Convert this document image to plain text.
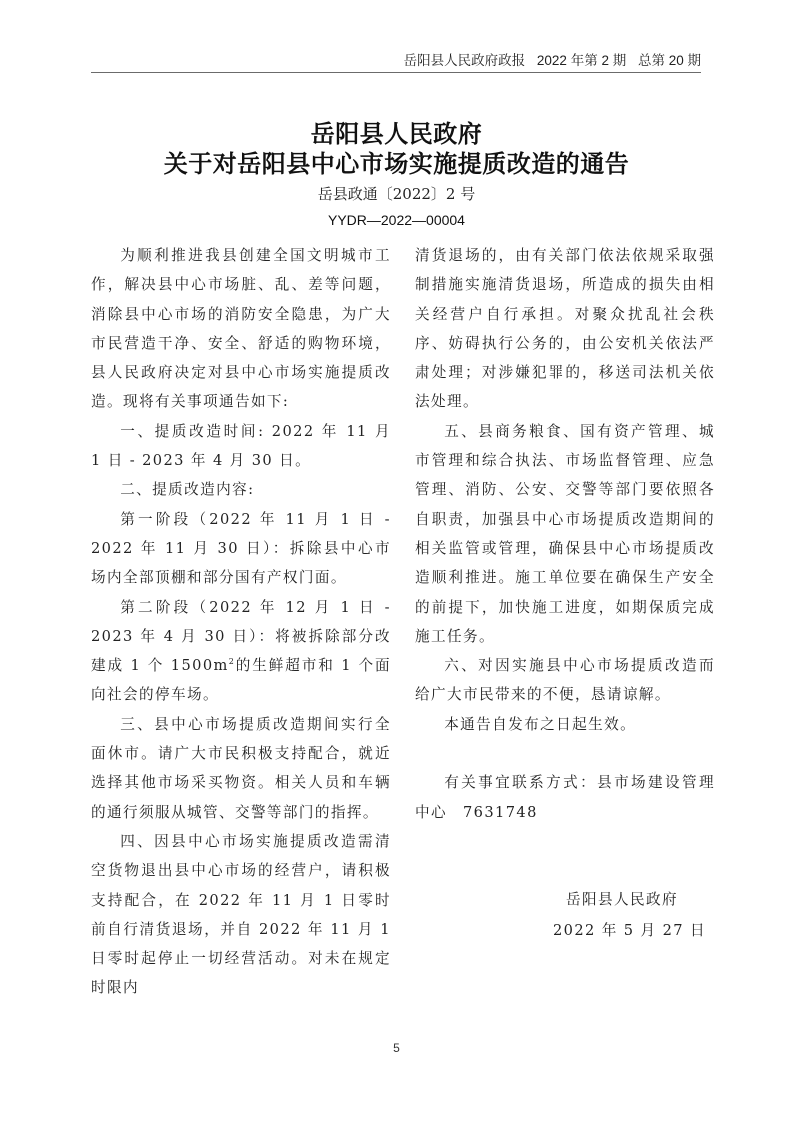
岳阳县人民政府政报 2022 年第 2 期 总第 20 期
岳阳县人民政府
关于对岳阳县中心市场实施提质改造的通告
岳县政通〔2022〕2 号
YYDR—2022—00004

为顺利推进我县创建全国文明城市工作，解决县中心市场脏、乱、差等问题，消除县中心市场的消防安全隐患，为广大市民营造干净、安全、舒适的购物环境，县人民政府决定对县中心市场实施提质改造。现将有关事项通告如下:

一、提质改造时间: 2022 年 11 月 1 日 - 2023 年 4 月 30 日。

二、提质改造内容:

第一阶段（2022 年 11 月 1 日 - 2022 年 11 月 30 日）：拆除县中心市场内全部顶棚和部分国有产权门面。

第二阶段（2022 年 12 月 1 日 - 2023 年 4 月 30 日）：将被拆除部分改建成 1 个 $1500m^2$的生鲜超市和 1 个面向社会的停车场。

三、县中心市场提质改造期间实行全面休市。请广大市民积极支持配合，就近选择其他市场采买物资。相关人员和车辆的通行须服从城管、交警等部门的指挥。

四、因县中心市场实施提质改造需清空货物退出县中心市场的经营户，请积极支持配合，在 2022 年 11 月 1 日零时前自行清货退场，并自 2022 年 11 月 1 日零时起停止一切经营活动。对未在规定时限内

清货退场的，由有关部门依法依规采取强制措施实施清货退场，所造成的损失由相关经营户自行承担。对聚众扰乱社会秩序、妨碍执行公务的，由公安机关依法严肃处理；对涉嫌犯罪的，移送司法机关依法处理。

五、县商务粮食、国有资产管理、城市管理和综合执法、市场监督管理、应急管理、消防、公安、交警等部门要依照各自职责，加强县中心市场提质改造期间的相关监管或管理，确保县中心市场提质改造顺利推进。施工单位要在确保生产安全的前提下，加快施工进度，如期保质完成施工任务。

六、对因实施县中心市场提质改造而给广大市民带来的不便，恳请谅解。

本通告自发布之日起生效。

有关事宜联系方式：县市场建设管理中心　7631748

岳阳县人民政府
2022 年 5 月 27 日
5
